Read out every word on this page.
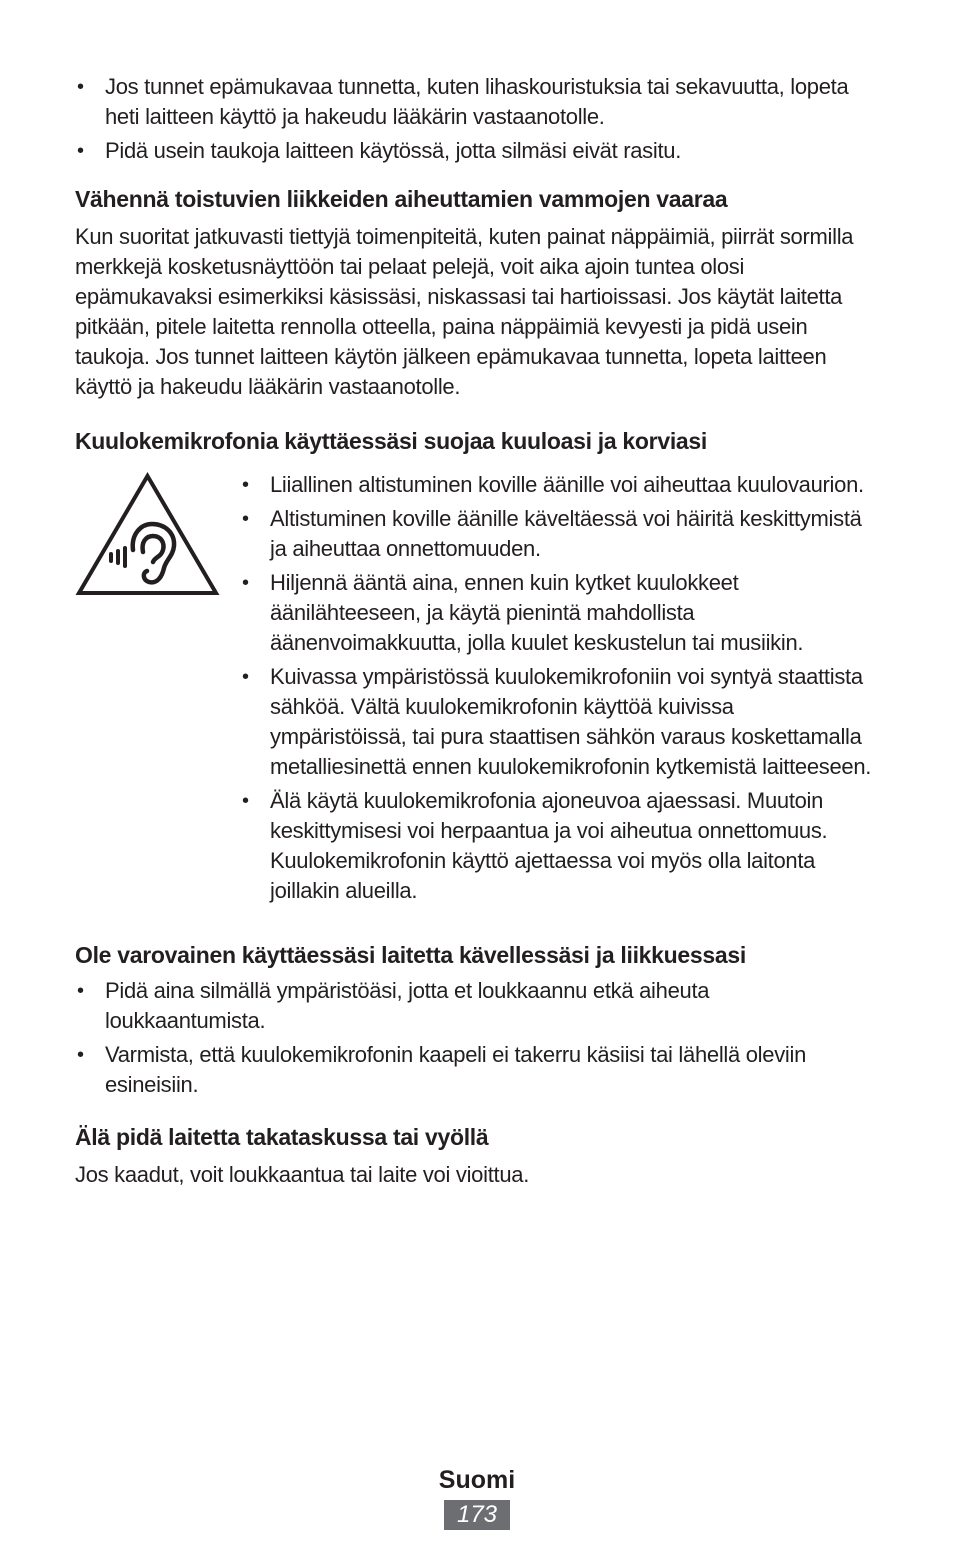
• Jos tunnet epämukavaa tunnetta, kuten lihaskouristuksia tai sekavuutta, lopeta heti laitteen käyttö ja hakeudu lääkärin vastaanotolle.
• Pidä usein taukoja laitteen käytössä, jotta silmäsi eivät rasitu.
Vähennä toistuvien liikkeiden aiheuttamien vammojen vaaraa

Kun suoritat jatkuvasti tiettyjä toimenpiteitä, kuten painat näppäimiä, piirrät sormilla merkkejä kosketusnäyttöön tai pelaat pelejä, voit aika ajoin tuntea olosi epämukavaksi esimerkiksi käsissäsi, niskassasi tai hartioissasi. Jos käytät laitetta pitkään, pitele laitetta rennolla otteella, paina näppäimiä kevyesti ja pidä usein taukoja. Jos tunnet laitteen käytön jälkeen epämukavaa tunnetta, lopeta laitteen käyttö ja hakeudu lääkärin vastaanotolle.

Kuulokemikrofonia käyttäessäsi suojaa kuuloasi ja korviasi
• Liiallinen altistuminen koville äänille voi aiheuttaa kuulovaurion.
• Altistuminen koville äänille käveltäessä voi häiritä keskittymistä ja aiheuttaa onnettomuuden.
• Hiljennä ääntä aina, ennen kuin kytket kuulokkeet äänilähteeseen, ja käytä pienintä mahdollista äänenvoimakkuutta, jolla kuulet keskustelun tai musiikin.
• Kuivassa ympäristössä kuulokemikrofoniin voi syntyä staattista sähköä. Vältä kuulokemikrofonin käyttöä kuivissa ympäristöissä, tai pura staattisen sähkön varaus koskettamalla metalliesinettä ennen kuulokemikrofonin kytkemistä laitteeseen.
• Älä käytä kuulokemikrofonia ajoneuvoa ajaessasi. Muutoin keskittymisesi voi herpaantua ja voi aiheutua onnettomuus. Kuulokemikrofonin käyttö ajettaessa voi myös olla laitonta joillakin alueilla.
Ole varovainen käyttäessäsi laitetta kävellessäsi ja liikkuessasi
• Pidä aina silmällä ympäristöäsi, jotta et loukkaannu etkä aiheuta loukkaantumista.
• Varmista, että kuulokemikrofonin kaapeli ei takerru käsiisi tai lähellä oleviin esineisiin.
Älä pidä laitetta takataskussa tai vyöllä

Jos kaadut, voit loukkaantua tai laite voi vioittua.

Suomi
173
